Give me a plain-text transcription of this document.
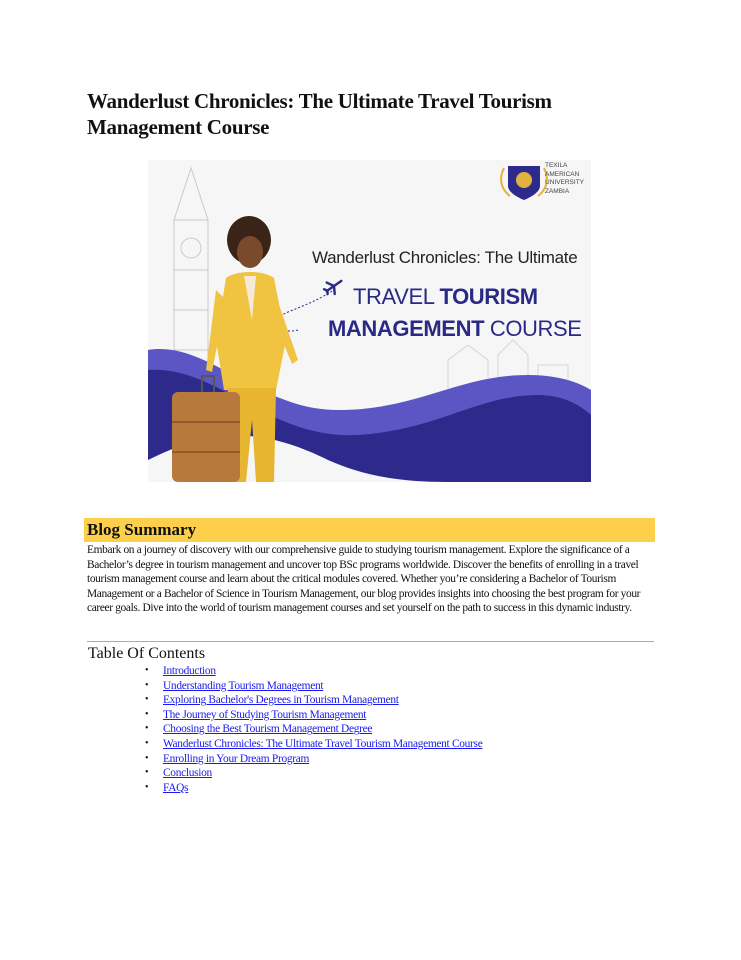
Wanderlust Chronicles: The Ultimate Travel Tourism Management Course
TEXILA
AMERICAN
UNIVERSITY
ZAMBIA
Wanderlust Chronicles: The Ultimate
TRAVEL TOURISM
MANAGEMENT COURSE
Blog Summary

Embark on a journey of discovery with our comprehensive guide to studying tourism management. Explore the significance of a Bachelor’s degree in tourism management and uncover top BSc programs worldwide. Discover the benefits of enrolling in a travel tourism management course and learn about the critical modules covered. Whether you’re considering a Bachelor of Tourism Management or a Bachelor of Science in Tourism Management, our blog provides insights into choosing the best program for your career goals. Dive into the world of tourism management courses and set yourself on the path to success in this dynamic industry.

Table Of Contents
• Introduction
• Understanding Tourism Management
• Exploring Bachelor's Degrees in Tourism Management
• The Journey of Studying Tourism Management
• Choosing the Best Tourism Management Degree
• Wanderlust Chronicles: The Ultimate Travel Tourism Management Course
• Enrolling in Your Dream Program
• Conclusion
• FAQs
